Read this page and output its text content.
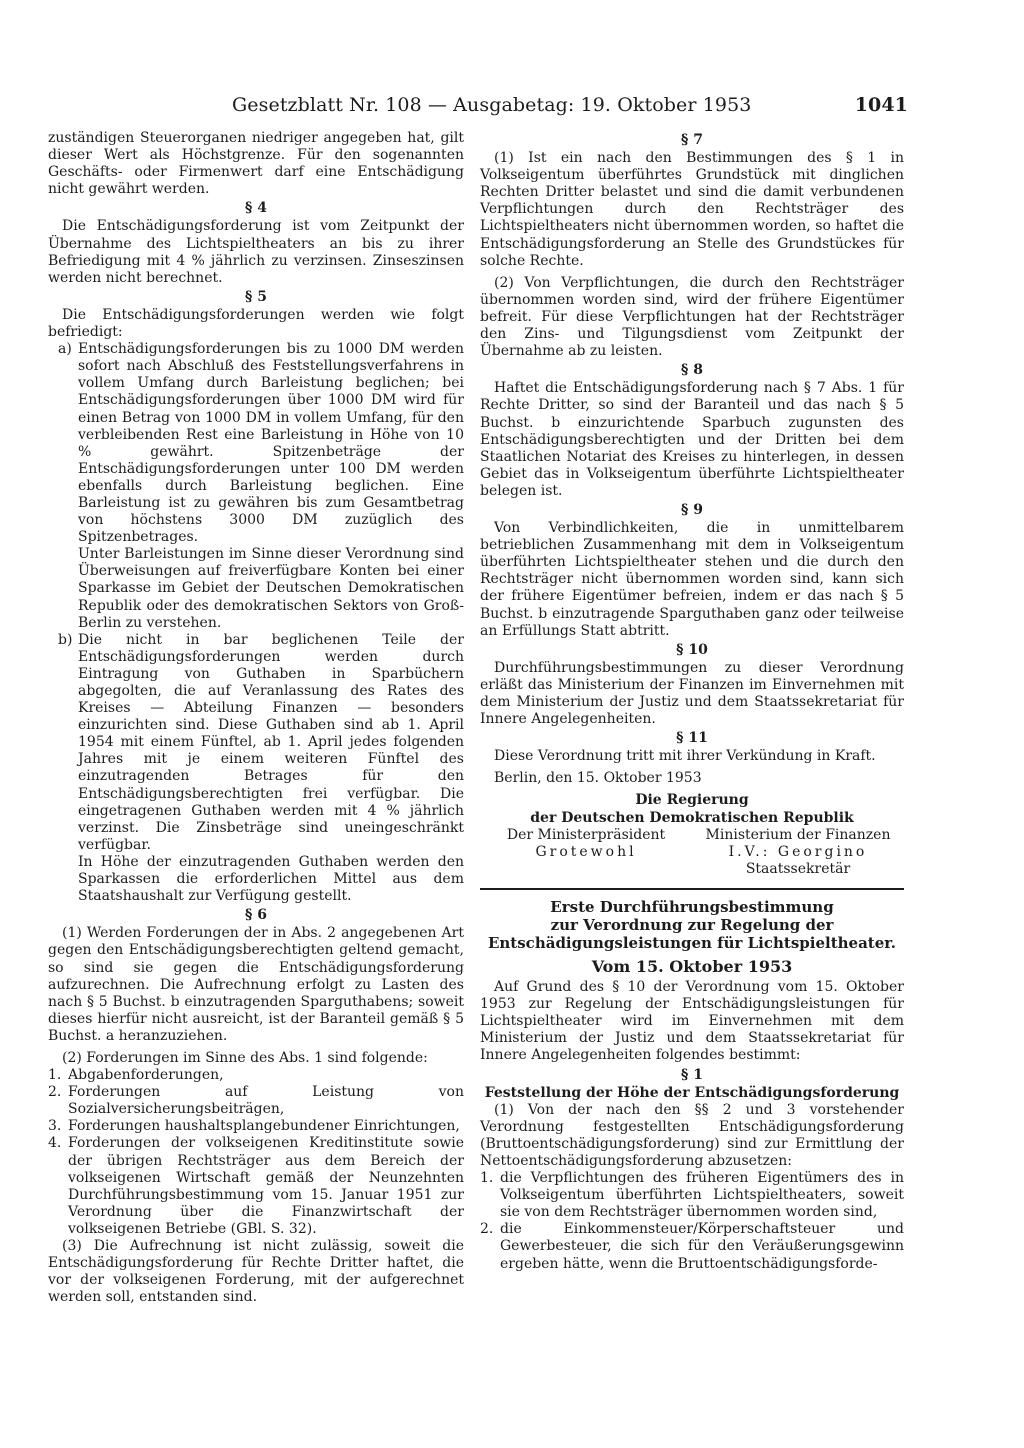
Gesetzblatt Nr. 108 — Ausgabetag: 19. Oktober 1953	1041

zuständigen Steuerorganen niedriger angegeben hat, gilt dieser Wert als Höchstgrenze. Für den sogenannten Geschäfts- oder Firmenwert darf eine Entschädigung nicht gewährt werden.

§ 4

Die Entschädigungsforderung ist vom Zeitpunkt der Übernahme des Lichtspieltheaters an bis zu ihrer Befriedigung mit 4 % jährlich zu verzinsen. Zinseszinsen werden nicht berechnet.

§ 5

Die Entschädigungsforderungen werden wie folgt befriedigt:

a) Entschädigungsforderungen bis zu 1000 DM werden sofort nach Abschluß des Feststellungsverfahrens in vollem Umfang durch Barleistung beglichen; bei Entschädigungsforderungen über 1000 DM wird für einen Betrag von 1000 DM in vollem Umfang, für den verbleibenden Rest eine Barleistung in Höhe von 10 % gewährt. Spitzenbeträge der Entschädigungsforderungen unter 100 DM werden ebenfalls durch Barleistung beglichen. Eine Barleistung ist zu gewähren bis zum Gesamtbetrag von höchstens 3000 DM zuzüglich des Spitzenbetrages.

Unter Barleistungen im Sinne dieser Verordnung sind Überweisungen auf freiverfügbare Konten bei einer Sparkasse im Gebiet der Deutschen Demokratischen Republik oder des demokratischen Sektors von Groß-Berlin zu verstehen.

b) Die nicht in bar beglichenen Teile der Entschädigungsforderungen werden durch Eintragung von Guthaben in Sparbüchern abgegolten, die auf Veranlassung des Rates des Kreises — Abteilung Finanzen — besonders einzurichten sind. Diese Guthaben sind ab 1. April 1954 mit einem Fünftel, ab 1. April jedes folgenden Jahres mit je einem weiteren Fünftel des einzutragenden Betrages für den Entschädigungsberechtigten frei verfügbar. Die eingetragenen Guthaben werden mit 4 % jährlich verzinst. Die Zinsbeträge sind uneingeschränkt verfügbar.

In Höhe der einzutragenden Guthaben werden den Sparkassen die erforderlichen Mittel aus dem Staatshaushalt zur Verfügung gestellt.

§ 6

(1) Werden Forderungen der in Abs. 2 angegebenen Art gegen den Entschädigungsberechtigten geltend gemacht, so sind sie gegen die Entschädigungsforderung aufzurechnen. Die Aufrechnung erfolgt zu Lasten des nach § 5 Buchst. b einzutragenden Sparguthabens; soweit dieses hierfür nicht ausreicht, ist der Baranteil gemäß § 5 Buchst. a heranzuziehen.

(2) Forderungen im Sinne des Abs. 1 sind folgende:

1. Abgabenforderungen,

2. Forderungen auf Leistung von Sozialversicherungsbeiträgen,

3. Forderungen haushaltsplangebundener Einrichtungen,

4. Forderungen der volkseigenen Kreditinstitute sowie der übrigen Rechtsträger aus dem Bereich der volkseigenen Wirtschaft gemäß der Neunzehnten Durchführungsbestimmung vom 15. Januar 1951 zur Verordnung über die Finanzwirtschaft der volkseigenen Betriebe (GBl. S. 32).

(3) Die Aufrechnung ist nicht zulässig, soweit die Entschädigungsforderung für Rechte Dritter haftet, die vor der volkseigenen Forderung, mit der aufgerechnet werden soll, entstanden sind.

§ 7

(1) Ist ein nach den Bestimmungen des § 1 in Volkseigentum überführtes Grundstück mit dinglichen Rechten Dritter belastet und sind die damit verbundenen Verpflichtungen durch den Rechtsträger des Lichtspieltheaters nicht übernommen worden, so haftet die Entschädigungsforderung an Stelle des Grundstückes für solche Rechte.

(2) Von Verpflichtungen, die durch den Rechtsträger übernommen worden sind, wird der frühere Eigentümer befreit. Für diese Verpflichtungen hat der Rechtsträger den Zins- und Tilgungsdienst vom Zeitpunkt der Übernahme ab zu leisten.

§ 8

Haftet die Entschädigungsforderung nach § 7 Abs. 1 für Rechte Dritter, so sind der Baranteil und das nach § 5 Buchst. b einzurichtende Sparbuch zugunsten des Entschädigungsberechtigten und der Dritten bei dem Staatlichen Notariat des Kreises zu hinterlegen, in dessen Gebiet das in Volkseigentum überführte Lichtspieltheater belegen ist.

§ 9

Von Verbindlichkeiten, die in unmittelbarem betrieblichen Zusammenhang mit dem in Volkseigentum überführten Lichtspieltheater stehen und die durch den Rechtsträger nicht übernommen worden sind, kann sich der frühere Eigentümer befreien, indem er das nach § 5 Buchst. b einzutragende Sparguthaben ganz oder teilweise an Erfüllungs Statt abtritt.

§ 10

Durchführungsbestimmungen zu dieser Verordnung erläßt das Ministerium der Finanzen im Einvernehmen mit dem Ministerium der Justiz und dem Staatssekretariat für Innere Angelegenheiten.

§ 11

Diese Verordnung tritt mit ihrer Verkündung in Kraft.

Berlin, den 15. Oktober 1953

Die Regierung

der Deutschen Demokratischen Republik

Der Ministerpräsident

Grotewohl

Ministerium der Finanzen

I.V.: Georgino

Staatssekretär

Erste Durchführungsbestimmung

zur Verordnung zur Regelung der Entschädigungsleistungen für Lichtspieltheater.

Vom 15. Oktober 1953

Auf Grund des § 10 der Verordnung vom 15. Oktober 1953 zur Regelung der Entschädigungsleistungen für Lichtspieltheater wird im Einvernehmen mit dem Ministerium der Justiz und dem Staatssekretariat für Innere Angelegenheiten folgendes bestimmt:

§ 1

Feststellung der Höhe der Entschädigungsforderung

(1) Von der nach den §§ 2 und 3 vorstehender Verordnung festgestellten Entschädigungsforderung (Bruttoentschädigungsforderung) sind zur Ermittlung der Nettoentschädigungsforderung abzusetzen:

1. die Verpflichtungen des früheren Eigentümers des in Volkseigentum überführten Lichtspieltheaters, soweit sie von dem Rechtsträger übernommen worden sind,

2. die Einkommensteuer/Körperschaftsteuer und Gewerbesteuer, die sich für den Veräußerungsgewinn ergeben hätte, wenn die Bruttoentschädigungsforde-
